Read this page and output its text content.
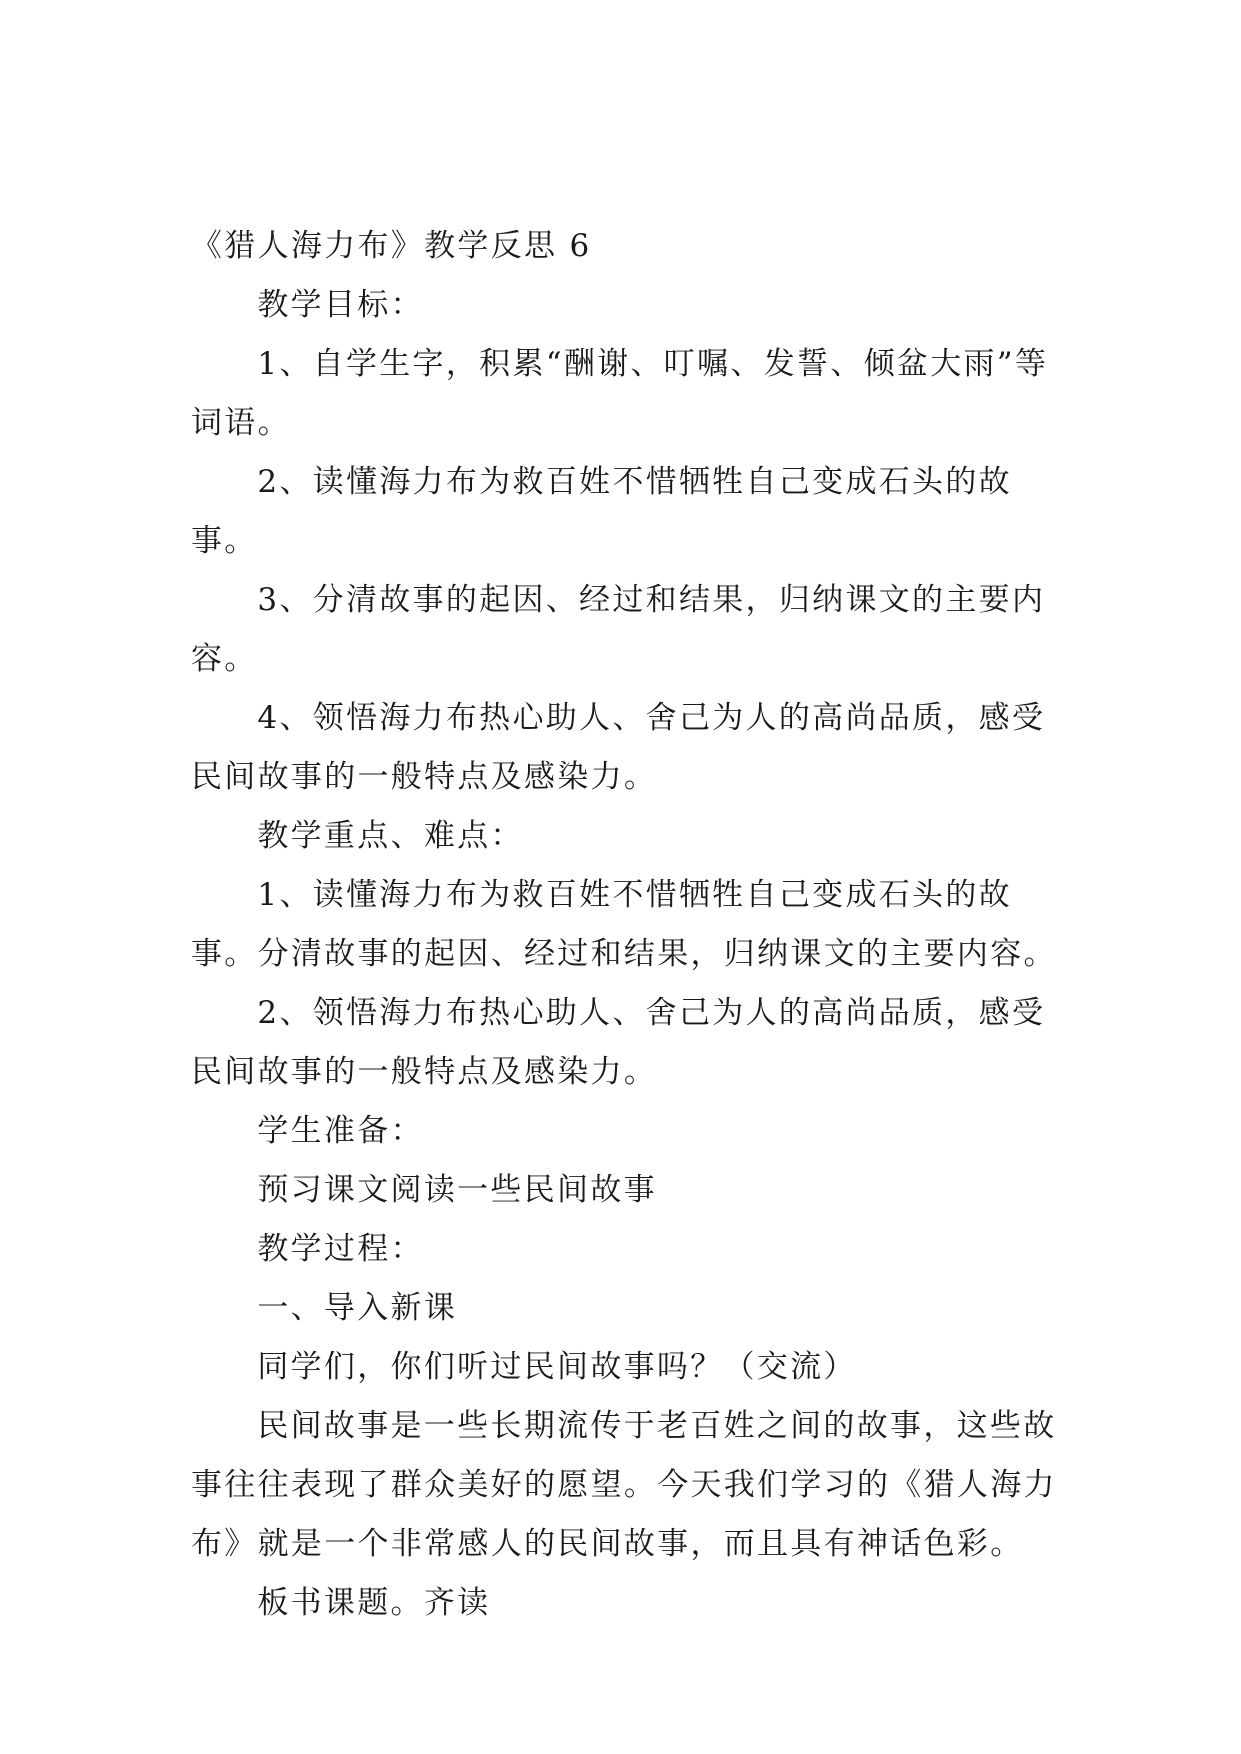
《猎人海力布》教学反思 6

教学目标：

1、自学生字，积累“酬谢、叮嘱、发誓、倾盆大雨”等词语。

2、读懂海力布为救百姓不惜牺牲自己变成石头的故事。

3、分清故事的起因、经过和结果，归纳课文的主要内容。

4、领悟海力布热心助人、舍己为人的高尚品质，感受民间故事的一般特点及感染力。

教学重点、难点：

1、读懂海力布为救百姓不惜牺牲自己变成石头的故事。分清故事的起因、经过和结果，归纳课文的主要内容。

2、领悟海力布热心助人、舍己为人的高尚品质，感受民间故事的一般特点及感染力。

学生准备：

预习课文阅读一些民间故事

教学过程：

一、导入新课

同学们，你们听过民间故事吗？（交流）

民间故事是一些长期流传于老百姓之间的故事，这些故事往往表现了群众美好的愿望。今天我们学习的《猎人海力布》就是一个非常感人的民间故事，而且具有神话色彩。

板书课题。齐读
